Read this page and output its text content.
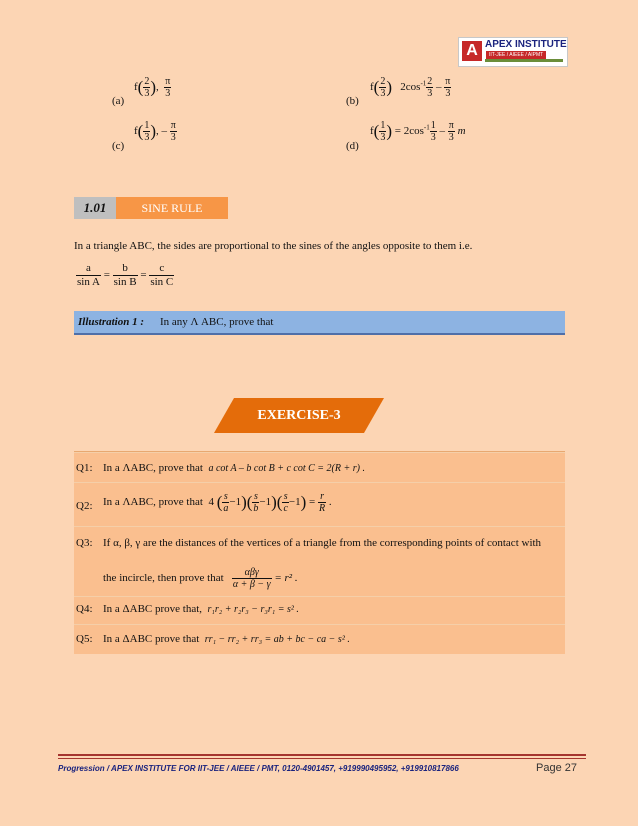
A APEX INSTITUTE
IIT-JEE / AIEEE / AIPMT
(a)
$f( \frac{2}{3}$ ), $\frac{\pi}{3}$
(b)
$f( \frac{2}{3}$ ) $2\cos^{-1} \frac{2}{3} - \frac{\pi}{3}$
(c)
$f( \frac{1}{3}$ ), – $\frac{\pi}{3}$
(d)
$f( \frac{1}{3}$ ) = $2\cos^{-1} \frac{1}{3} - \frac{\pi}{3}$ m
1.01	SINE RULE
In a triangle ABC, the sides are proportional to the sines of the angles opposite to them i.e.
$\frac{a}{\text{sin A}} = \frac{b}{\text{sin B}} = \frac{c}{\text{sin C}}$
Illustration 1 : In any Λ ABC, prove that
EXERCISE-3
Q1: In a ΛABC, prove that a cot A – b cot B + c cot C = 2(R + r) .
Q2: In a ΛABC, prove that 4 ( $\frac{s}{a} -1)( \frac{s}{b} -1)( \frac{s}{c} -1) = \frac{r}{R}$ .
Q3: If α, β, γ are the distances of the vertices of a triangle from the corresponding points of contact with
the incircle, then prove that $\frac{\text{αβγ}}{\alpha + \beta - \gamma} = r^2$ .
Q4: In a ΔABC prove that, r₁r₂ + r₂r₃ − r₃r₁ = s² .
Q5: In a ΔABC prove that rr₁ − rr₂ + rr₃ = ab + bc − ca − s² .
Progression / APEX INSTITUTE FOR IIT-JEE / AIEEE / PMT, 0120-4901457, +919990495952, +919910817866	Page 27
